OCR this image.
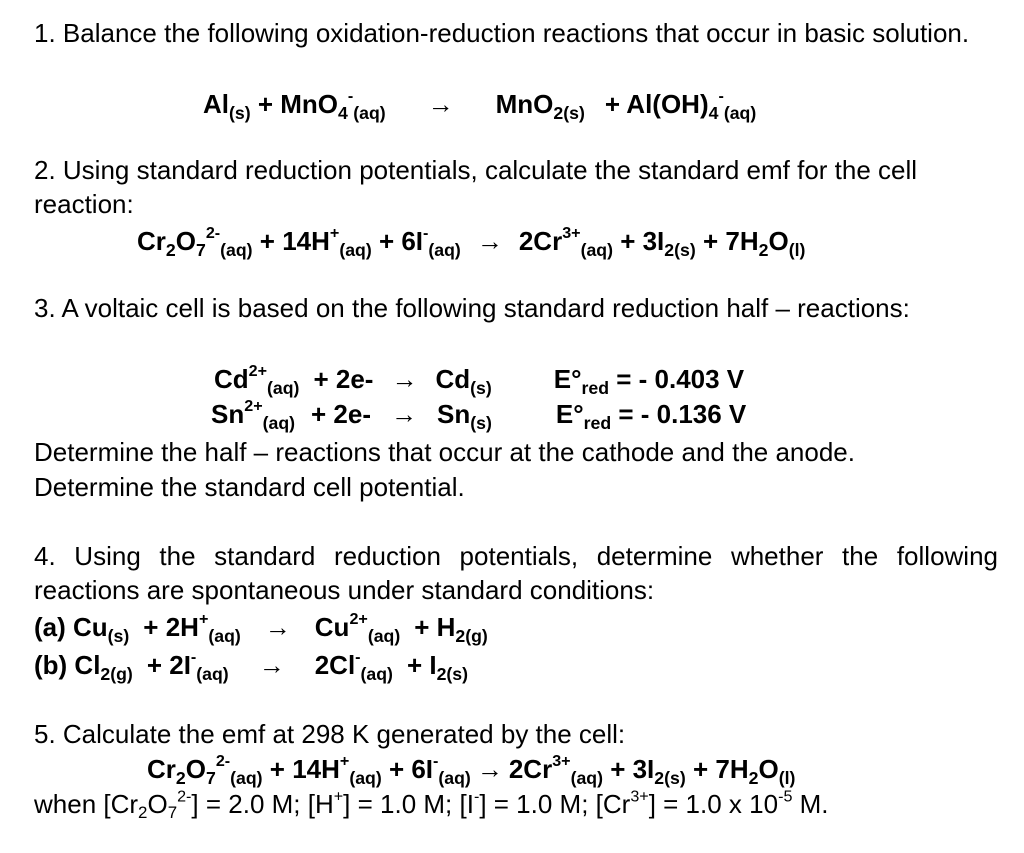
1. Balance the following oxidation-reduction reactions that occur in basic solution.

$Al_{(s)} + MnO_4^-_{(aq)} \to MnO_{2(s)} + Al(OH)_4^-_{(aq)}$

2. Using standard reduction potentials, calculate the standard emf for the cell reaction:

$Cr_2O_7^{2-}_{(aq)} + 14H^+_{(aq)} + 6I^-_{(aq)} \to 2Cr^{3+}_{(aq)} + 3I_{2(s)} + 7H_2O_{(l)}$

3. A voltaic cell is based on the following standard reduction half – reactions:

$Cd^{2+}_{(aq)} + 2e- \to Cd_{(s)}$ $E^\circ_{red}$ = - 0.403 V
$Sn^{2+}_{(aq)} + 2e- \to Sn_{(s)}$ $E^\circ_{red}$ = - 0.136 V

Determine the half – reactions that occur at the cathode and the anode.

Determine the standard cell potential.

4. Using the standard reduction potentials, determine whether the following reactions are spontaneous under standard conditions:

(a) $Cu_{(s)} + 2H^+_{(aq)} \to Cu^{2+}_{(aq)} + H_{2(g)}$
(b) $Cl_{2(g)} + 2I^-_{(aq)} \to 2Cl^-_{(aq)} + I_{2(s)}$

5. Calculate the emf at 298 K generated by the cell:

$Cr_2O_7^{2-}_{(aq)} + 14H^+_{(aq)} + 6I^-_{(aq)} \to 2Cr^{3+}_{(aq)} + 3I_{2(s)} + 7H_2O_{(l)}$
when $[Cr_2O_7^{2-}] = 2.0$ M; [H+] = 1.0 M; [I-] = 1.0 M; $[Cr^{3+}] = 1.0$ x $10^{-5}$ M.
